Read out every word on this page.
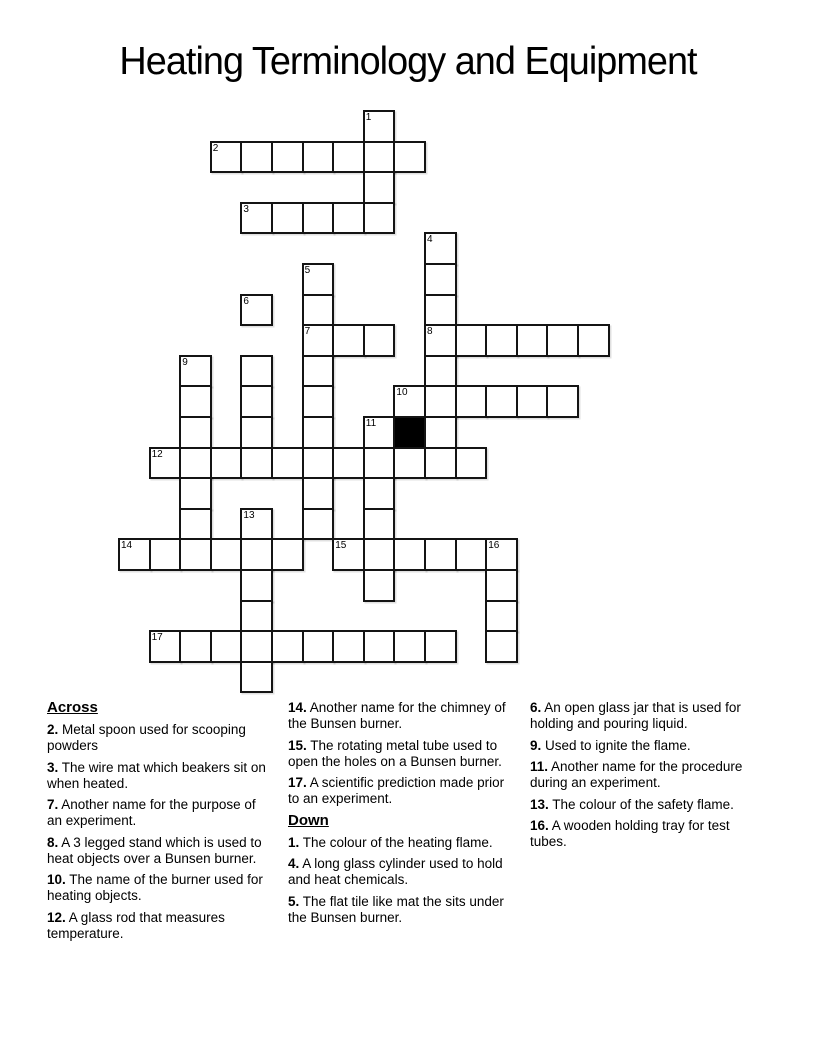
Heating Terminology and Equipment
1
2
3
4
5
6
7	8
9
10
11
12
13
14	15	16
17
Across

2. Metal spoon used for scooping powders

3. The wire mat which beakers sit on when heated.

7. Another name for the purpose of an experiment.

8. A 3 legged stand which is used to heat objects over a Bunsen burner.

10. The name of the burner used for heating objects.

12. A glass rod that measures temperature.

14. Another name for the chimney of the Bunsen burner.

15. The rotating metal tube used to open the holes on a Bunsen burner.

17. A scientific prediction made prior to an experiment.

Down

1. The colour of the heating flame.

4. A long glass cylinder used to hold and heat chemicals.

5. The flat tile like mat the sits under the Bunsen burner.

6. An open glass jar that is used for holding and pouring liquid.

9. Used to ignite the flame.

11. Another name for the procedure during an experiment.

13. The colour of the safety flame.

16. A wooden holding tray for test tubes.
